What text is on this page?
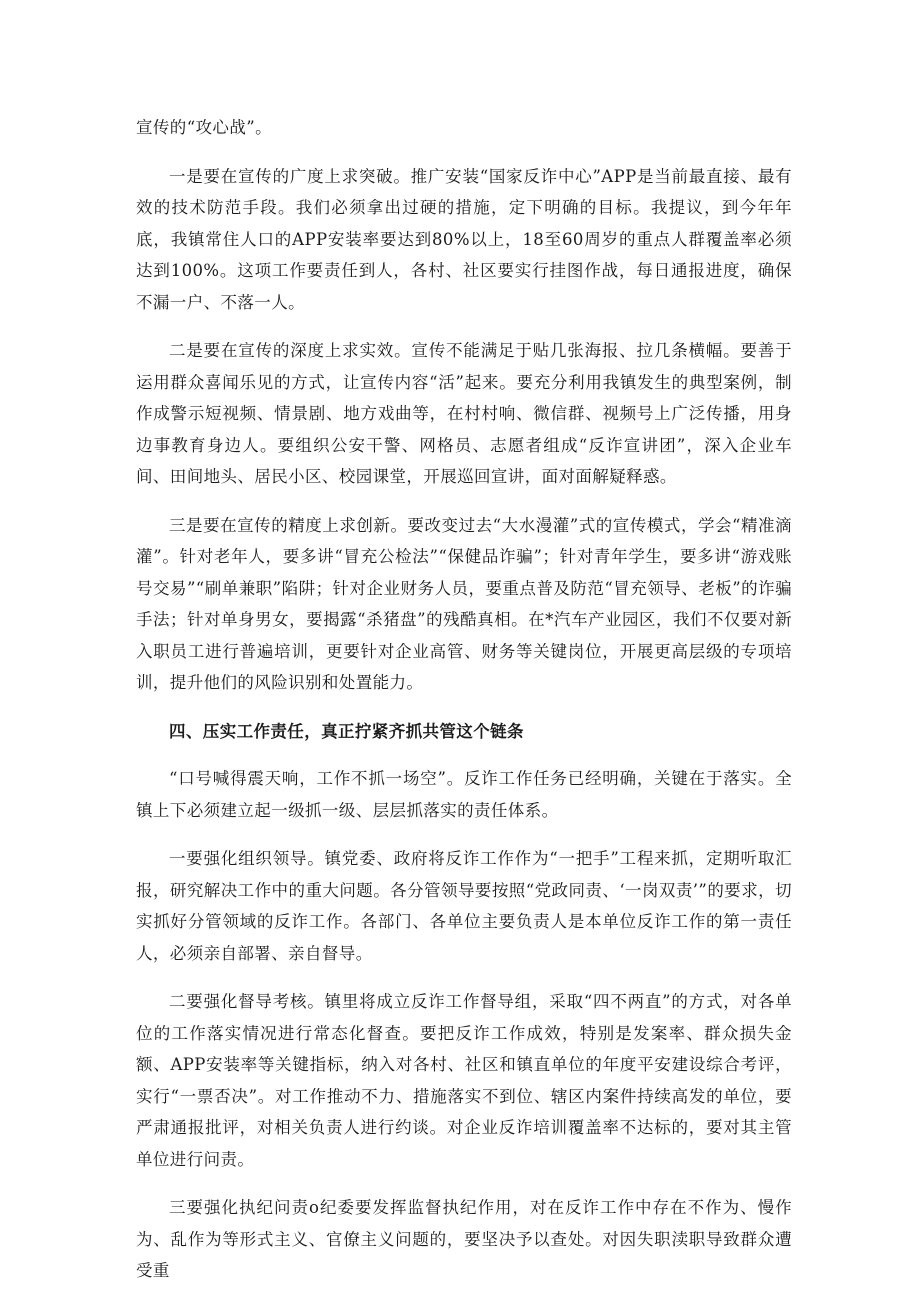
宣传的“攻心战”。

一是要在宣传的广度上求突破。推广安装“国家反诈中心”APP是当前最直接、最有效的技术防范手段。我们必须拿出过硬的措施，定下明确的目标。我提议，到今年年底，我镇常住人口的APP安装率要达到80%以上，18至60周岁的重点人群覆盖率必须达到100%。这项工作要责任到人，各村、社区要实行挂图作战，每日通报进度，确保不漏一户、不落一人。

二是要在宣传的深度上求实效。宣传不能满足于贴几张海报、拉几条横幅。要善于运用群众喜闻乐见的方式，让宣传内容“活”起来。要充分利用我镇发生的典型案例，制作成警示短视频、情景剧、地方戏曲等，在村村响、微信群、视频号上广泛传播，用身边事教育身边人。要组织公安干警、网格员、志愿者组成“反诈宣讲团”，深入企业车间、田间地头、居民小区、校园课堂，开展巡回宣讲，面对面解疑释惑。

三是要在宣传的精度上求创新。要改变过去“大水漫灌”式的宣传模式，学会“精准滴灌”。针对老年人，要多讲“冒充公检法”“保健品诈骗”；针对青年学生，要多讲“游戏账号交易”“刷单兼职”陷阱；针对企业财务人员，要重点普及防范“冒充领导、老板”的诈骗手法；针对单身男女，要揭露“杀猪盘”的残酷真相。在*汽车产业园区，我们不仅要对新入职员工进行普遍培训，更要针对企业高管、财务等关键岗位，开展更高层级的专项培训，提升他们的风险识别和处置能力。

四、压实工作责任，真正拧紧齐抓共管这个链条

“口号喊得震天响，工作不抓一场空”。反诈工作任务已经明确，关键在于落实。全镇上下必须建立起一级抓一级、层层抓落实的责任体系。

一要强化组织领导。镇党委、政府将反诈工作作为“一把手”工程来抓，定期听取汇报，研究解决工作中的重大问题。各分管领导要按照“党政同责、‘一岗双责’”的要求，切实抓好分管领域的反诈工作。各部门、各单位主要负责人是本单位反诈工作的第一责任人，必须亲自部署、亲自督导。

二要强化督导考核。镇里将成立反诈工作督导组，采取“四不两直”的方式，对各单位的工作落实情况进行常态化督查。要把反诈工作成效，特别是发案率、群众损失金额、APP安装率等关键指标，纳入对各村、社区和镇直单位的年度平安建设综合考评，实行“一票否决”。对工作推动不力、措施落实不到位、辖区内案件持续高发的单位，要严肃通报批评，对相关负责人进行约谈。对企业反诈培训覆盖率不达标的，要对其主管单位进行问责。

三要强化执纪问责o纪委要发挥监督执纪作用，对在反诈工作中存在不作为、慢作为、乱作为等形式主义、官僚主义问题的，要坚决予以查处。对因失职渎职导致群众遭受重
